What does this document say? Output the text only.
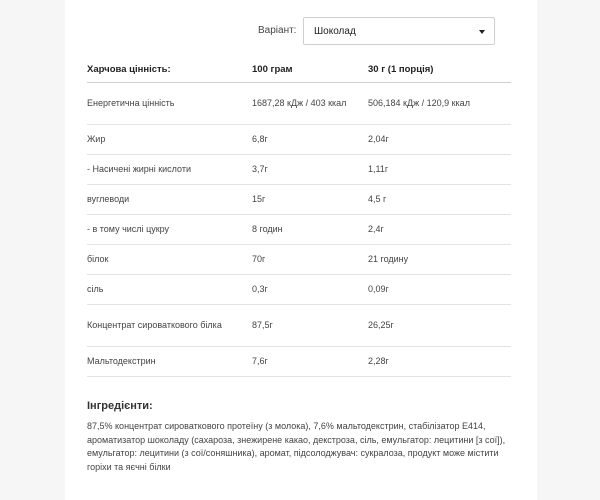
Варіант: Шоколад
Харчова цінність:	100 грам	30 г (1 порція)
Енергетична цінність	1687,28 кДж / 403 ккал	506,184 кДж / 120,9 ккал
Жир	6,8г	2,04г
- Насичені жирні кислоти	3,7г	1,11г
вуглеводи	15г	4,5 г
- в тому числі цукру	8 годин	2,4г
білок	70г	21 годину
сіль	0,3г	0,09г
Концентрат сироваткового білка	87,5г	26,25г
Мальтодекстрин	7,6г	2,28г
Інгредієнти:
87,5% концентрат сироваткового протеїну (з молока), 7,6% мальтодекстрин, стабілізатор Е414, ароматизатор шоколаду (сахароза, знежирене какао, декстроза, сіль, емульгатор: лецитини [з сої]), емульгатор: лецитини (з сої/соняшника), аромат, підсолоджувач: сукралоза, продукт може містити горіхи та яєчні білки
